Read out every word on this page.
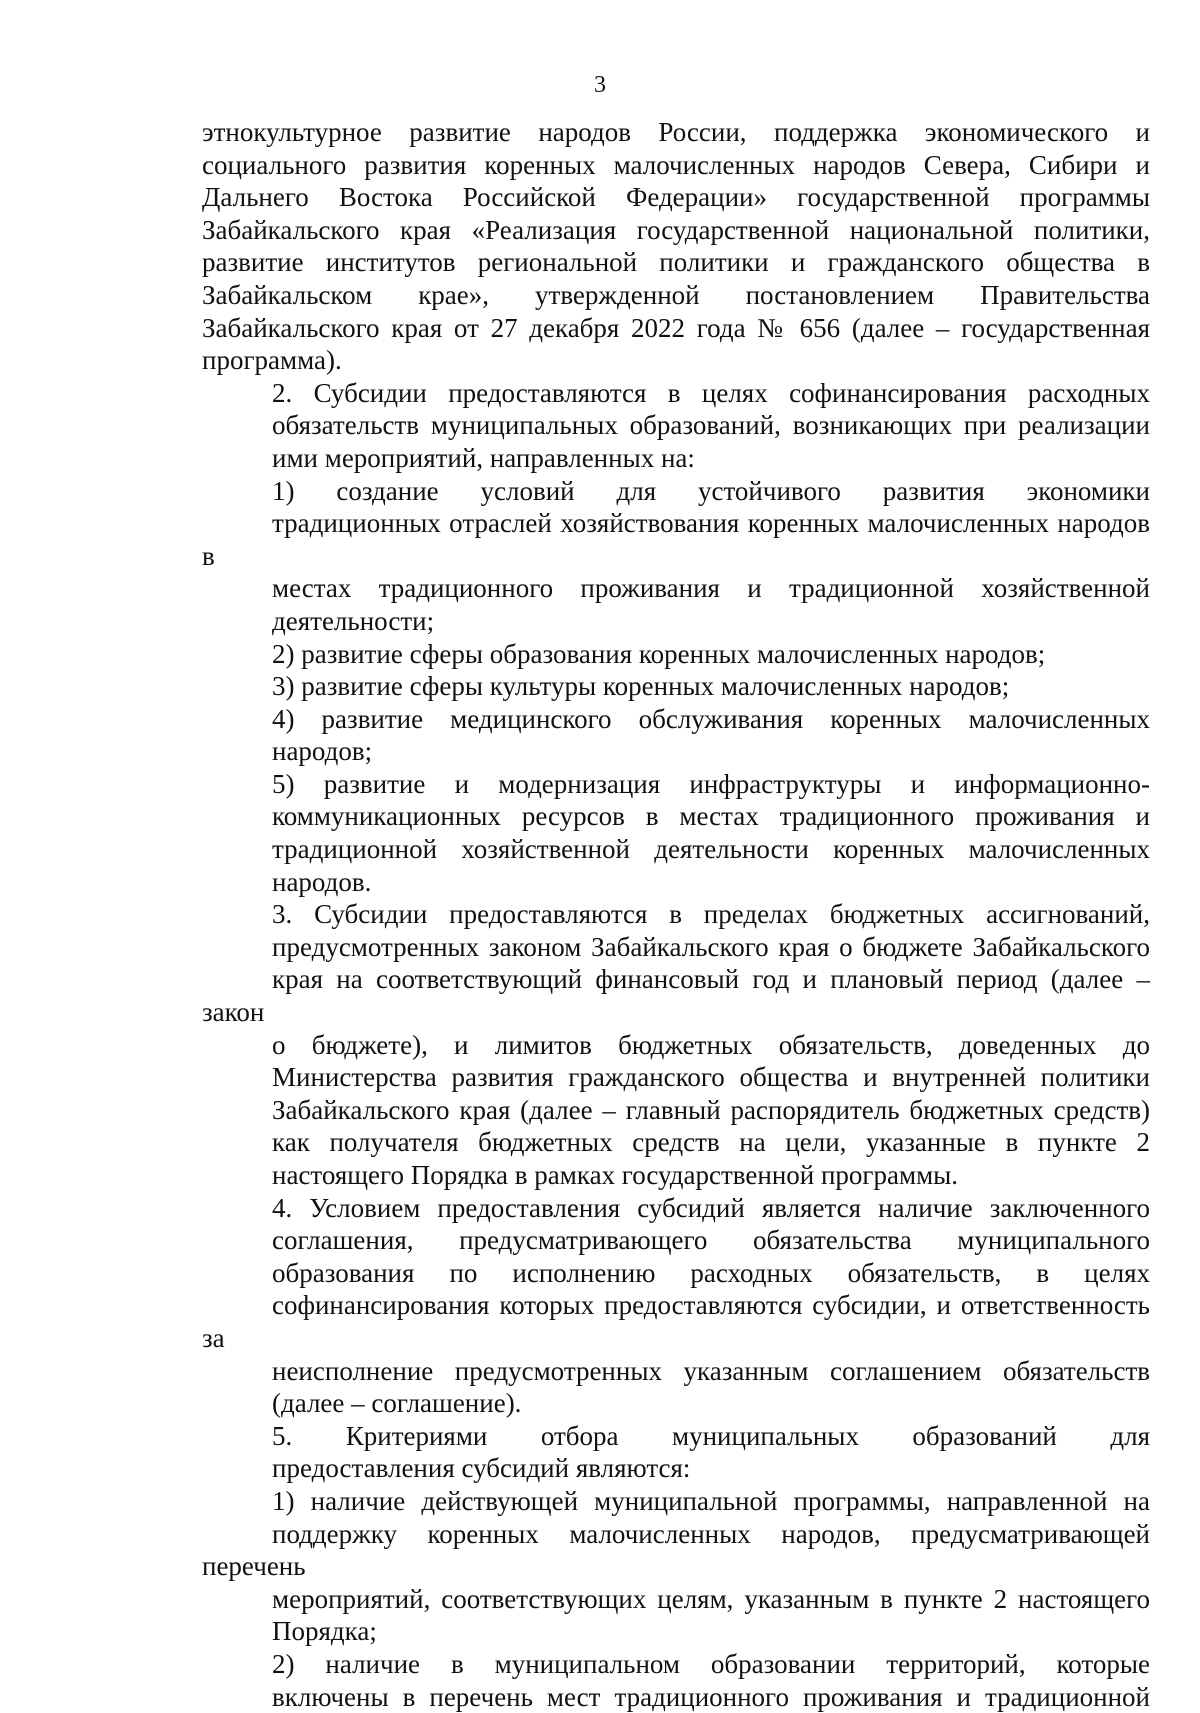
3
этнокультурное развитие народов России, поддержка экономического и
социального развития коренных малочисленных народов Севера, Сибири и
Дальнего Востока Российской Федерации» государственной программы
Забайкальского края «Реализация государственной национальной политики,
развитие институтов региональной политики и гражданского общества в
Забайкальском крае», утвержденной постановлением Правительства
Забайкальского края от 27 декабря 2022 года № 656 (далее – государственная
программа).
2. Субсидии предоставляются в целях софинансирования расходных
обязательств муниципальных образований, возникающих при реализации
ими мероприятий, направленных на:
1) создание условий для устойчивого развития экономики
традиционных отраслей хозяйствования коренных малочисленных народов в
местах традиционного проживания и традиционной хозяйственной
деятельности;
2) развитие сферы образования коренных малочисленных народов;
3) развитие сферы культуры коренных малочисленных народов;
4) развитие медицинского обслуживания коренных малочисленных
народов;
5) развитие и модернизация инфраструктуры и информационно-
коммуникационных ресурсов в местах традиционного проживания и
традиционной хозяйственной деятельности коренных малочисленных
народов.
3. Субсидии предоставляются в пределах бюджетных ассигнований,
предусмотренных законом Забайкальского края о бюджете Забайкальского
края на соответствующий финансовый год и плановый период (далее – закон
о бюджете), и лимитов бюджетных обязательств, доведенных до
Министерства развития гражданского общества и внутренней политики
Забайкальского края (далее – главный распорядитель бюджетных средств)
как получателя бюджетных средств на цели, указанные в пункте 2
настоящего Порядка в рамках государственной программы.
4. Условием предоставления субсидий является наличие заключенного
соглашения, предусматривающего обязательства муниципального
образования по исполнению расходных обязательств, в целях
софинансирования которых предоставляются субсидии, и ответственность за
неисполнение предусмотренных указанным соглашением обязательств
(далее – соглашение).
5. Критериями отбора муниципальных образований для
предоставления субсидий являются:
1) наличие действующей муниципальной программы, направленной на
поддержку коренных малочисленных народов, предусматривающей перечень
мероприятий, соответствующих целям, указанным в пункте 2 настоящего
Порядка;
2) наличие в муниципальном образовании территорий, которые
включены в перечень мест традиционного проживания и традиционной
